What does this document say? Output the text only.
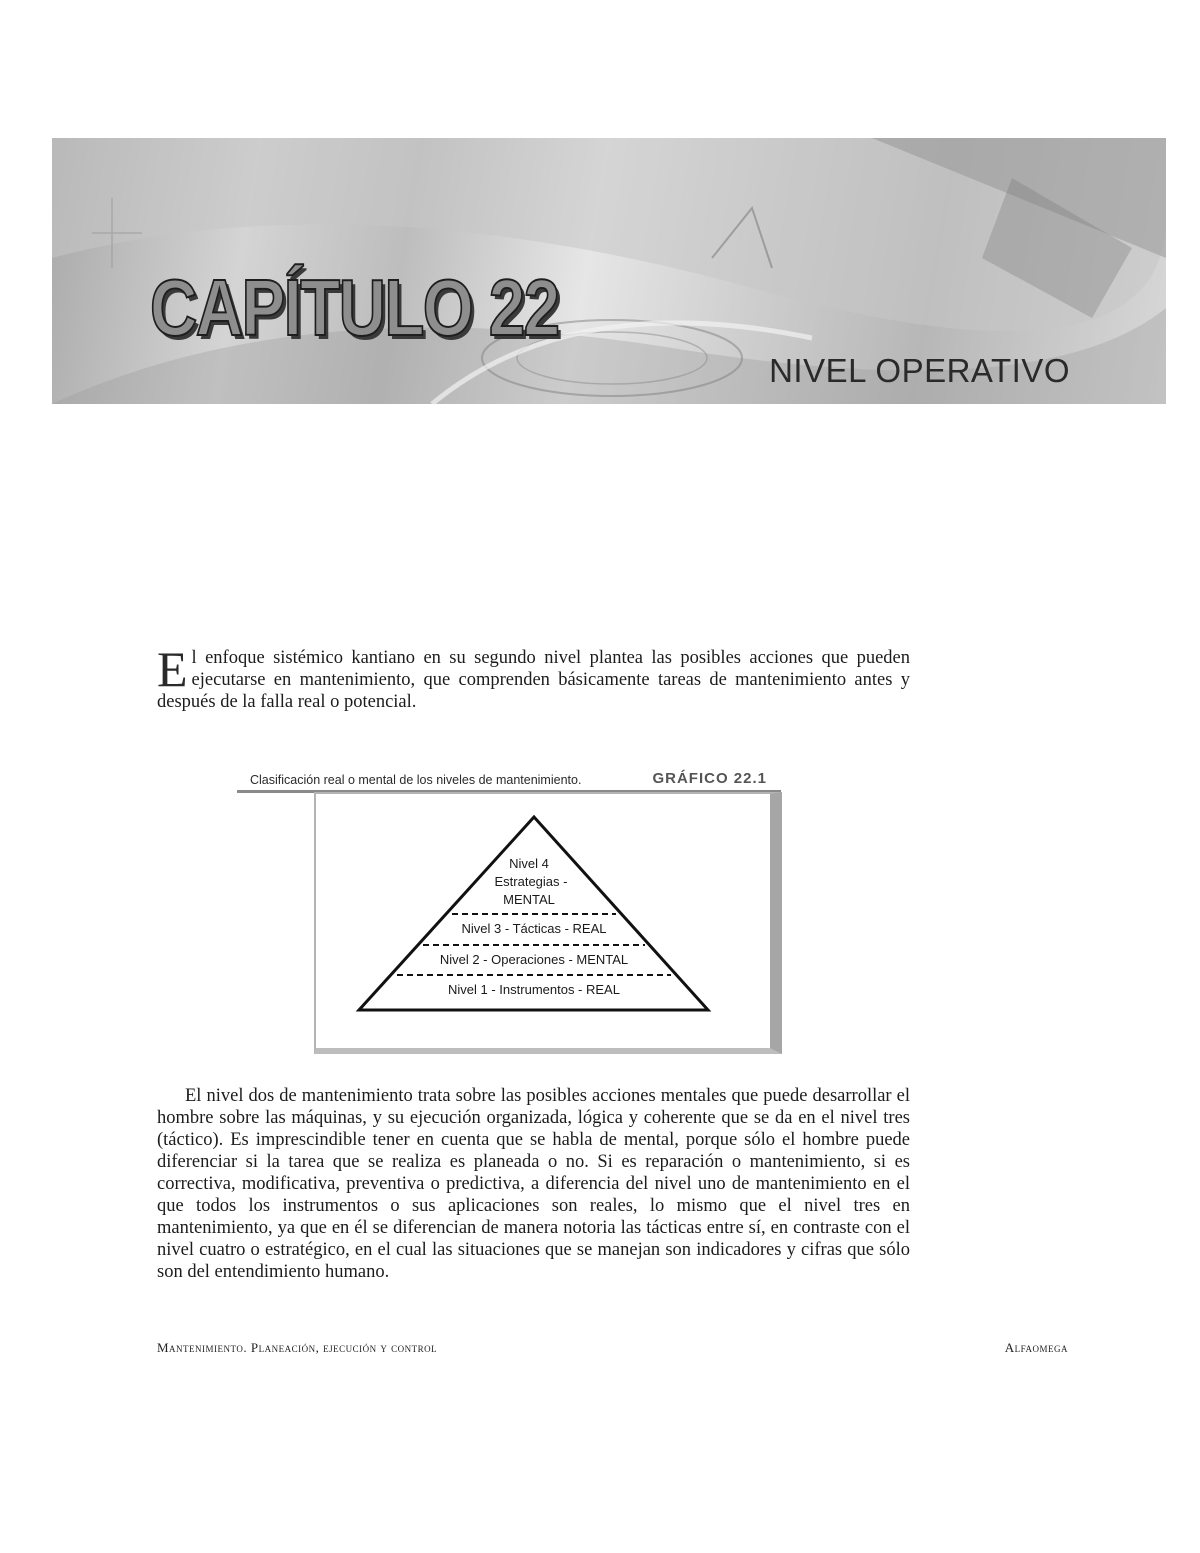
CAPÍTULO 22
NIVEL OPERATIVO

El enfoque sistémico kantiano en su segundo nivel plantea las posibles acciones que pueden ejecutarse en mantenimiento, que comprenden básicamente tareas de mantenimiento antes y después de la falla real o potencial.

Clasificación real o mental de los niveles de mantenimiento.	GRÁFICO 22.1

Nivel 4
Estrategias -
MENTAL
Nivel 3 - Tácticas - REAL
Nivel 2 - Operaciones - MENTAL
Nivel 1 - Instrumentos - REAL

El nivel dos de mantenimiento trata sobre las posibles acciones mentales que puede desarrollar el hombre sobre las máquinas, y su ejecución organizada, lógica y coherente que se da en el nivel tres (táctico). Es imprescindible tener en cuenta que se habla de mental, porque sólo el hombre puede diferenciar si la tarea que se realiza es planeada o no. Si es reparación o mantenimiento, si es correctiva, modificativa, preventiva o predictiva, a diferencia del nivel uno de mantenimiento en el que todos los instrumentos o sus aplicaciones son reales, lo mismo que el nivel tres en mantenimiento, ya que en él se diferencian de manera notoria las tácticas entre sí, en contraste con el nivel cuatro o estratégico, en el cual las situaciones que se manejan son indicadores y cifras que sólo son del entendimiento humano.

Mantenimiento. Planeación, ejecución y control	Alfaomega
